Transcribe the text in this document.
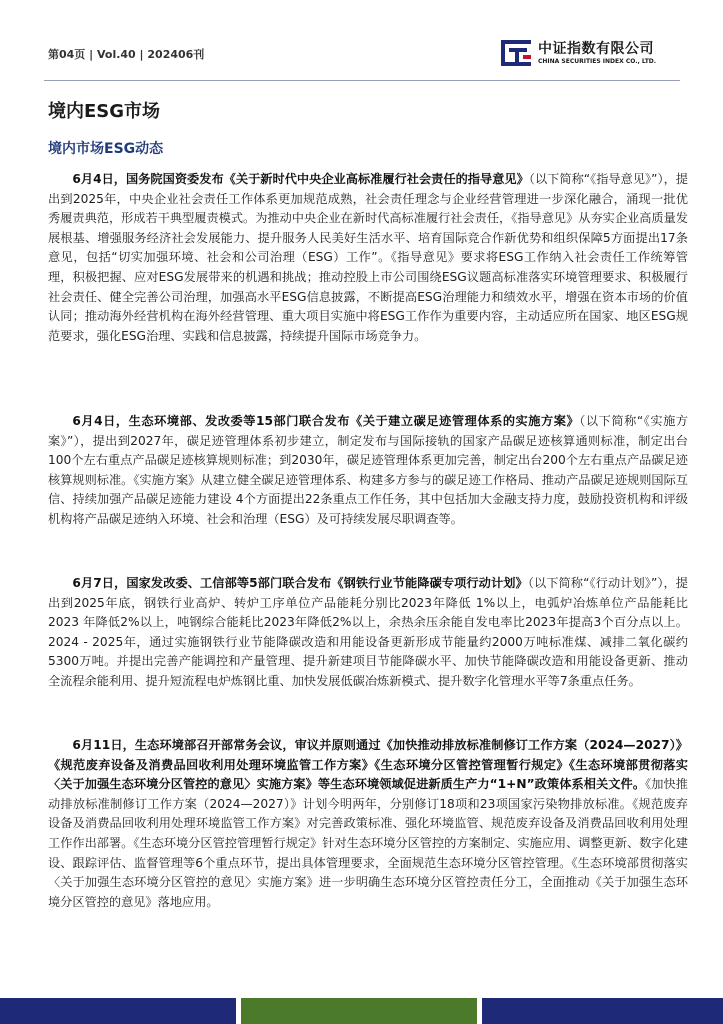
第04页 | Vol.40 | 202406刊	中证指数有限公司
CHINA SECURITIES INDEX CO., LTD.
境内ESG市场
境内市场ESG动态

6月4日，国务院国资委发布《关于新时代中央企业高标准履行社会责任的指导意见》（以下简称“《指导意见》”），提出到2025年，中央企业社会责任工作体系更加规范成熟，社会责任理念与企业经营管理进一步深化融合，涌现一批优秀履责典范，形成若干典型履责模式。为推动中央企业在新时代高标准履行社会责任，《指导意见》从夯实企业高质量发展根基、增强服务经济社会发展能力、提升服务人民美好生活水平、培育国际竞合作新优势和组织保障5方面提出17条意见，包括“切实加强环境、社会和公司治理（ESG）工作”。《指导意见》要求将ESG工作纳入社会责任工作统筹管理，积极把握、应对ESG发展带来的机遇和挑战；推动控股上市公司围绕ESG议题高标准落实环境管理要求、积极履行社会责任、健全完善公司治理，加强高水平ESG信息披露，不断提高ESG治理能力和绩效水平，增强在资本市场的价值认同；推动海外经营机构在海外经营管理、重大项目实施中将ESG工作作为重要内容，主动适应所在国家、地区ESG规范要求，强化ESG治理、实践和信息披露，持续提升国际市场竞争力。

6月4日，生态环境部、发改委等15部门联合发布《关于建立碳足迹管理体系的实施方案》（以下简称“《实施方案》”），提出到2027年，碳足迹管理体系初步建立，制定发布与国际接轨的国家产品碳足迹核算通则标准，制定出台100个左右重点产品碳足迹核算规则标准；到2030年，碳足迹管理体系更加完善，制定出台200个左右重点产品碳足迹核算规则标准。《实施方案》从建立健全碳足迹管理体系、构建多方参与的碳足迹工作格局、推动产品碳足迹规则国际互信、持续加强产品碳足迹能力建设 4个方面提出22条重点工作任务，其中包括加大金融支持力度，鼓励投资机构和评级机构将产品碳足迹纳入环境、社会和治理（ESG）及可持续发展尽职调查等。

6月7日，国家发改委、工信部等5部门联合发布《钢铁行业节能降碳专项行动计划》（以下简称“《行动计划》”），提出到2025年底，钢铁行业高炉、转炉工序单位产品能耗分别比2023年降低 1%以上，电弧炉冶炼单位产品能耗比2023 年降低2%以上，吨钢综合能耗比2023年降低2%以上，余热余压余能自发电率比2023年提高3个百分点以上。2024 - 2025年，通过实施钢铁行业节能降碳改造和用能设备更新形成节能量约2000万吨标准煤、减排二氧化碳约5300万吨。并提出完善产能调控和产量管理、提升新建项目节能降碳水平、加快节能降碳改造和用能设备更新、推动全流程余能利用、提升短流程电炉炼钢比重、加快发展低碳冶炼新模式、提升数字化管理水平等7条重点任务。

6月11日，生态环境部召开部常务会议，审议并原则通过《加快推动排放标准制修订工作方案（2024—2027）》《规范废弃设备及消费品回收利用处理环境监管工作方案》《生态环境分区管控管理暂行规定》《生态环境部贯彻落实〈关于加强生态环境分区管控的意见〉实施方案》等生态环境领域促进新质生产力“1+N”政策体系相关文件。《加快推动排放标准制修订工作方案（2024—2027）》计划今明两年，分别修订18项和23项国家污染物排放标准。《规范废弃设备及消费品回收利用处理环境监管工作方案》对完善政策标准、强化环境监管、规范废弃设备及消费品回收利用处理工作作出部署。《生态环境分区管控管理暂行规定》针对生态环境分区管控的方案制定、实施应用、调整更新、数字化建设、跟踪评估、监督管理等6个重点环节，提出具体管理要求，全面规范生态环境分区管控管理。《生态环境部贯彻落实〈关于加强生态环境分区管控的意见〉实施方案》进一步明确生态环境分区管控责任分工，全面推动《关于加强生态环境分区管控的意见》落地应用。
